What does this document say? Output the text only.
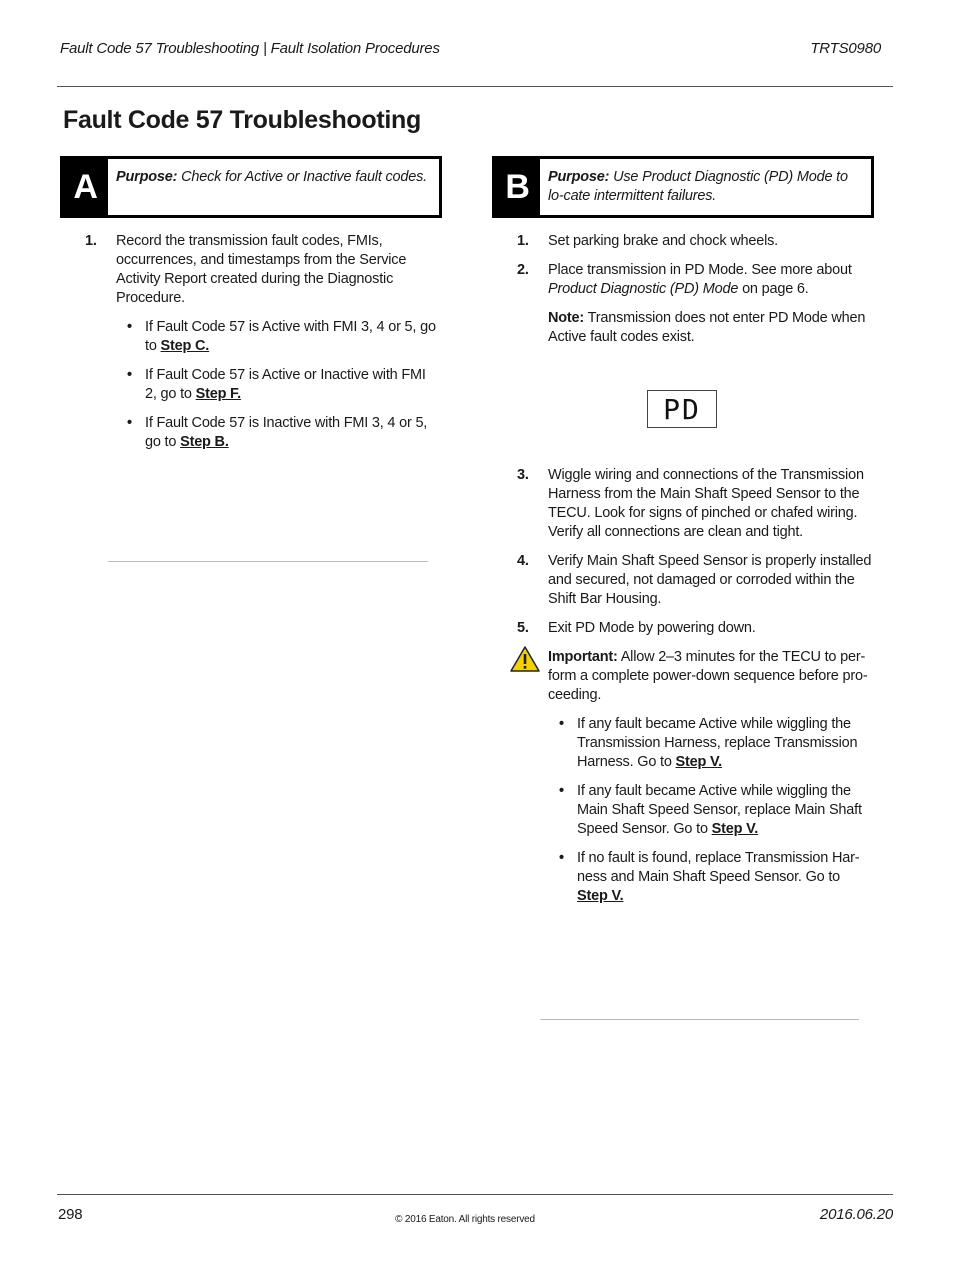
Fault Code 57 Troubleshooting | Fault Isolation Procedures	TRTS0980
Fault Code 57 Troubleshooting
A	Purpose: Check for Active or Inactive fault codes.	B	Purpose: Use Product Diagnostic (PD) Mode to lo-cate intermittent failures.
1. Record the transmission fault codes, FMIs, occurrences, and timestamps from the Service Activity Report created during the Diagnostic Procedure.
• If Fault Code 57 is Active with FMI 3, 4 or 5, go to Step C.
• If Fault Code 57 is Active or Inactive with FMI 2, go to Step F.
• If Fault Code 57 is Inactive with FMI 3, 4 or 5, go to Step B.
1. Set parking brake and chock wheels.
2. Place transmission in PD Mode. See more about Product Diagnostic (PD) Mode on page 6.
Note: Transmission does not enter PD Mode when Active fault codes exist.
PD
3. Wiggle wiring and connections of the Transmission Harness from the Main Shaft Speed Sensor to the TECU. Look for signs of pinched or chafed wiring. Verify all connections are clean and tight.
4. Verify Main Shaft Speed Sensor is properly installed and secured, not damaged or corroded within the Shift Bar Housing.
5. Exit PD Mode by powering down.
Important: Allow 2–3 minutes for the TECU to per-form a complete power-down sequence before pro-ceeding.
• If any fault became Active while wiggling the Transmission Harness, replace Transmission Harness. Go to Step V.
• If any fault became Active while wiggling the Main Shaft Speed Sensor, replace Main Shaft Speed Sensor. Go to Step V.
• If no fault is found, replace Transmission Har-ness and Main Shaft Speed Sensor. Go to Step V.
298	© 2016 Eaton. All rights reserved	2016.06.20
